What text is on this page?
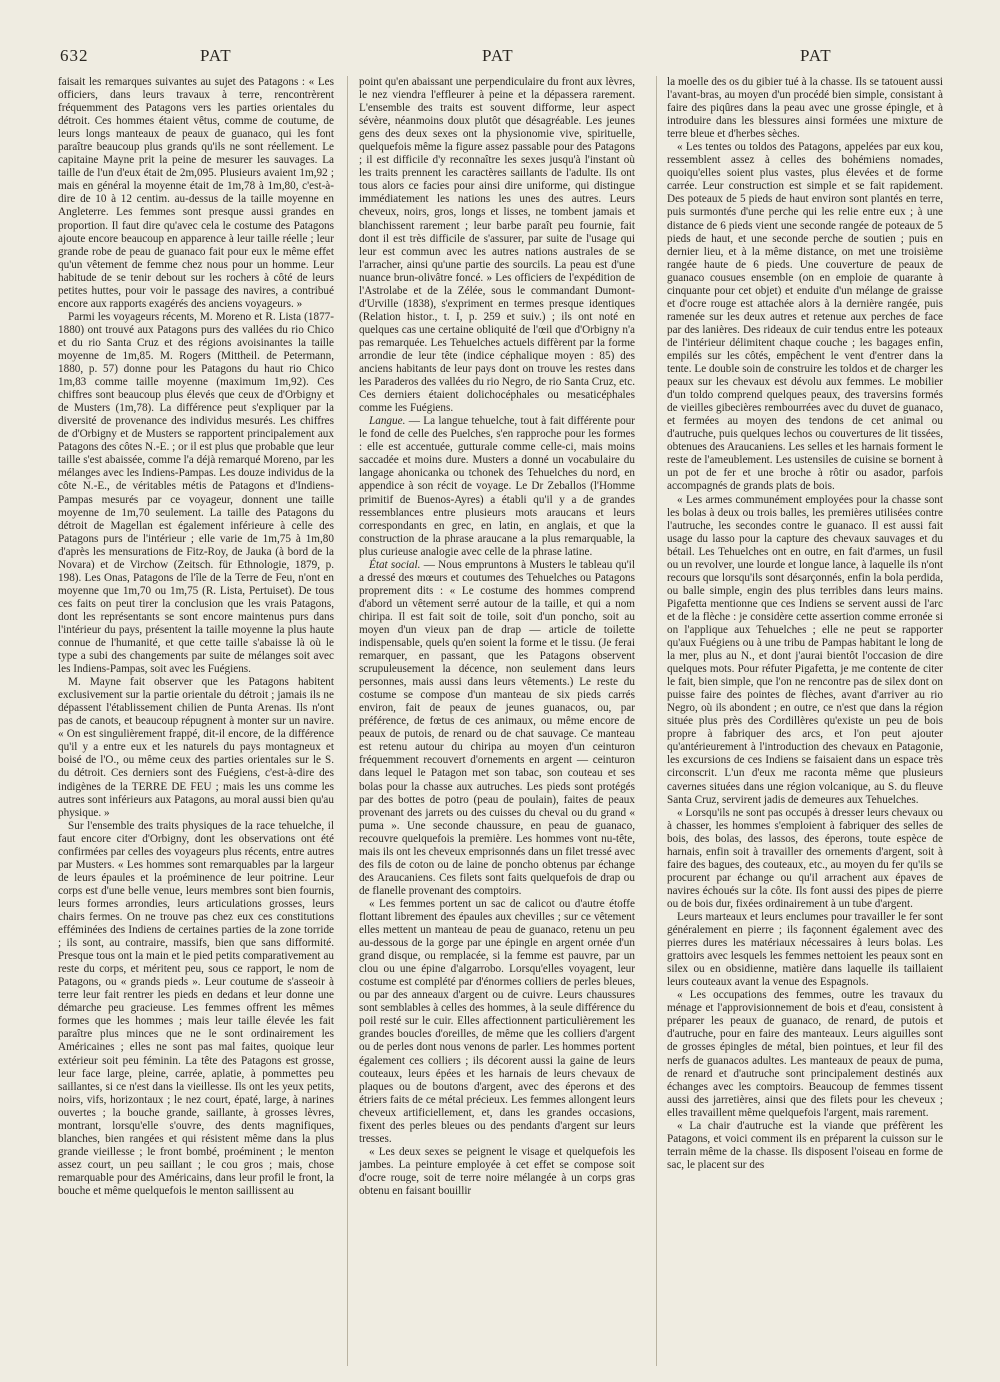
632	PAT	PAT	PAT

faisait les remarques suivantes au sujet des Patagons : « Les officiers, dans leurs travaux à terre, rencontrèrent fréquemment des Patagons vers les parties orientales du détroit. Ces hommes étaient vêtus, comme de coutume, de leurs longs manteaux de peaux de guanaco, qui les font paraître beaucoup plus grands qu'ils ne sont réellement. Le capitaine Mayne prit la peine de mesurer les sauvages. La taille de l'un d'eux était de 2m,095. Plusieurs avaient 1m,92 ; mais en général la moyenne était de 1m,78 à 1m,80, c'est-à-dire de 10 à 12 centim. au-dessus de la taille moyenne en Angleterre. Les femmes sont presque aussi grandes en proportion. Il faut dire qu'avec cela le costume des Patagons ajoute encore beaucoup en apparence à leur taille réelle ; leur grande robe de peau de guanaco fait pour eux le même effet qu'un vêtement de femme chez nous pour un homme. Leur habitude de se tenir debout sur les rochers à côté de leurs petites huttes, pour voir le passage des navires, a contribué encore aux rapports exagérés des anciens voyageurs. »

Parmi les voyageurs récents, M. Moreno et R. Lista (1877-1880) ont trouvé aux Patagons purs des vallées du rio Chico et du rio Santa Cruz et des régions avoisinantes la taille moyenne de 1m,85. M. Rogers (Mittheil. de Petermann, 1880, p. 57) donne pour les Patagons du haut rio Chico 1m,83 comme taille moyenne (maximum 1m,92). Ces chiffres sont beaucoup plus élevés que ceux de d'Orbigny et de Musters (1m,78). La différence peut s'expliquer par la diversité de provenance des individus mesurés. Les chiffres de d'Orbigny et de Musters se rapportent principalement aux Patagons des côtes N.-E. ; or il est plus que probable que leur taille s'est abaissée, comme l'a déjà remarqué Moreno, par les mélanges avec les Indiens-Pampas. Les douze individus de la côte N.-E., de véritables métis de Patagons et d'Indiens-Pampas mesurés par ce voyageur, donnent une taille moyenne de 1m,70 seulement. La taille des Patagons du détroit de Magellan est également inférieure à celle des Patagons purs de l'intérieur ; elle varie de 1m,75 à 1m,80 d'après les mensurations de Fitz-Roy, de Jauka (à bord de la Novara) et de Virchow (Zeitsch. für Ethnologie, 1879, p. 198). Les Onas, Patagons de l'île de la Terre de Feu, n'ont en moyenne que 1m,70 ou 1m,75 (R. Lista, Pertuiset). De tous ces faits on peut tirer la conclusion que les vrais Patagons, dont les représentants se sont encore maintenus purs dans l'intérieur du pays, présentent la taille moyenne la plus haute connue de l'humanité, et que cette taille s'abaisse là où le type a subi des changements par suite de mélanges soit avec les Indiens-Pampas, soit avec les Fuégiens.

M. Mayne fait observer que les Patagons habitent exclusivement sur la partie orientale du détroit ; jamais ils ne dépassent l'établissement chilien de Punta Arenas. Ils n'ont pas de canots, et beaucoup répugnent à monter sur un navire. « On est singulièrement frappé, dit-il encore, de la différence qu'il y a entre eux et les naturels du pays montagneux et boisé de l'O., ou même ceux des parties orientales sur le S. du détroit. Ces derniers sont des Fuégiens, c'est-à-dire des indigènes de la TERRE DE FEU ; mais les uns comme les autres sont inférieurs aux Patagons, au moral aussi bien qu'au physique. »

Sur l'ensemble des traits physiques de la race tehuelche, il faut encore citer d'Orbigny, dont les observations ont été confirmées par celles des voyageurs plus récents, entre autres par Musters. « Les hommes sont remarquables par la largeur de leurs épaules et la proéminence de leur poitrine. Leur corps est d'une belle venue, leurs membres sont bien fournis, leurs formes arrondies, leurs articulations grosses, leurs chairs fermes. On ne trouve pas chez eux ces constitutions efféminées des Indiens de certaines parties de la zone torride ; ils sont, au contraire, massifs, bien que sans difformité. Presque tous ont la main et le pied petits comparativement au reste du corps, et méritent peu, sous ce rapport, le nom de Patagons, ou « grands pieds ». Leur coutume de s'asseoir à terre leur fait rentrer les pieds en dedans et leur donne une démarche peu gracieuse. Les femmes offrent les mêmes formes que les hommes ; mais leur taille élevée les fait paraître plus minces que ne le sont ordinairement les Américaines ; elles ne sont pas mal faites, quoique leur extérieur soit peu féminin. La tête des Patagons est grosse, leur face large, pleine, carrée, aplatie, à pommettes peu saillantes, si ce n'est dans la vieillesse. Ils ont les yeux petits, noirs, vifs, horizontaux ; le nez court, épaté, large, à narines ouvertes ; la bouche grande, saillante, à grosses lèvres, montrant, lorsqu'elle s'ouvre, des dents magnifiques, blanches, bien rangées et qui résistent même dans la plus grande vieillesse ; le front bombé, proéminent ; le menton assez court, un peu saillant ; le cou gros ; mais, chose remarquable pour des Américains, dans leur profil le front, la bouche et même quelquefois le menton saillissent au

point qu'en abaissant une perpendiculaire du front aux lèvres, le nez viendra l'effleurer à peine et la dépassera rarement. L'ensemble des traits est souvent difforme, leur aspect sévère, néanmoins doux plutôt que désagréable. Les jeunes gens des deux sexes ont la physionomie vive, spirituelle, quelquefois même la figure assez passable pour des Patagons ; il est difficile d'y reconnaître les sexes jusqu'à l'instant où les traits prennent les caractères saillants de l'adulte. Ils ont tous alors ce facies pour ainsi dire uniforme, qui distingue immédiatement les nations les unes des autres. Leurs cheveux, noirs, gros, longs et lisses, ne tombent jamais et blanchissent rarement ; leur barbe paraît peu fournie, fait dont il est très difficile de s'assurer, par suite de l'usage qui leur est commun avec les autres nations australes de se l'arracher, ainsi qu'une partie des sourcils. La peau est d'une nuance brun-olivâtre foncé. » Les officiers de l'expédition de l'Astrolabe et de la Zélée, sous le commandant Dumont-d'Urville (1838), s'expriment en termes presque identiques (Relation histor., t. I, p. 259 et suiv.) ; ils ont noté en quelques cas une certaine obliquité de l'œil que d'Orbigny n'a pas remarquée. Les Tehuelches actuels diffèrent par la forme arrondie de leur tête (indice céphalique moyen : 85) des anciens habitants de leur pays dont on trouve les restes dans les Paraderos des vallées du rio Negro, de rio Santa Cruz, etc. Ces derniers étaient dolichocéphales ou mesaticéphales comme les Fuégiens.

Langue. — La langue tehuelche, tout à fait différente pour le fond de celle des Puelches, s'en rapproche pour les formes : elle est accentuée, gutturale comme celle-ci, mais moins saccadée et moins dure. Musters a donné un vocabulaire du langage ahonicanka ou tchonek des Tehuelches du nord, en appendice à son récit de voyage. Le Dr Zeballos (l'Homme primitif de Buenos-Ayres) a établi qu'il y a de grandes ressemblances entre plusieurs mots araucans et leurs correspondants en grec, en latin, en anglais, et que la construction de la phrase araucane a la plus remarquable, la plus curieuse analogie avec celle de la phrase latine.

État social. — Nous empruntons à Musters le tableau qu'il a dressé des mœurs et coutumes des Tehuelches ou Patagons proprement dits : « Le costume des hommes comprend d'abord un vêtement serré autour de la taille, et qui a nom chiripa. Il est fait soit de toile, soit d'un poncho, soit au moyen d'un vieux pan de drap — article de toilette indispensable, quels qu'en soient la forme et le tissu. (Je ferai remarquer, en passant, que les Patagons observent scrupuleusement la décence, non seulement dans leurs personnes, mais aussi dans leurs vêtements.) Le reste du costume se compose d'un manteau de six pieds carrés environ, fait de peaux de jeunes guanacos, ou, par préférence, de fœtus de ces animaux, ou même encore de peaux de putois, de renard ou de chat sauvage. Ce manteau est retenu autour du chiripa au moyen d'un ceinturon fréquemment recouvert d'ornements en argent — ceinturon dans lequel le Patagon met son tabac, son couteau et ses bolas pour la chasse aux autruches. Les pieds sont protégés par des bottes de potro (peau de poulain), faites de peaux provenant des jarrets ou des cuisses du cheval ou du grand « puma ». Une seconde chaussure, en peau de guanaco, recouvre quelquefois la première. Les hommes vont nu-tête, mais ils ont les cheveux emprisonnés dans un filet tressé avec des fils de coton ou de laine de poncho obtenus par échange des Araucaniens. Ces filets sont faits quelquefois de drap ou de flanelle provenant des comptoirs.

« Les femmes portent un sac de calicot ou d'autre étoffe flottant librement des épaules aux chevilles ; sur ce vêtement elles mettent un manteau de peau de guanaco, retenu un peu au-dessous de la gorge par une épingle en argent ornée d'un grand disque, ou remplacée, si la femme est pauvre, par un clou ou une épine d'algarrobo. Lorsqu'elles voyagent, leur costume est complété par d'énormes colliers de perles bleues, ou par des anneaux d'argent ou de cuivre. Leurs chaussures sont semblables à celles des hommes, à la seule différence du poil resté sur le cuir. Elles affectionnent particulièrement les grandes boucles d'oreilles, de même que les colliers d'argent ou de perles dont nous venons de parler. Les hommes portent également ces colliers ; ils décorent aussi la gaine de leurs couteaux, leurs épées et les harnais de leurs chevaux de plaques ou de boutons d'argent, avec des éperons et des étriers faits de ce métal précieux. Les femmes allongent leurs cheveux artificiellement, et, dans les grandes occasions, fixent des perles bleues ou des pendants d'argent sur leurs tresses.

« Les deux sexes se peignent le visage et quelquefois les jambes. La peinture employée à cet effet se compose soit d'ocre rouge, soit de terre noire mélangée à un corps gras obtenu en faisant bouillir

la moelle des os du gibier tué à la chasse. Ils se tatouent aussi l'avant-bras, au moyen d'un procédé bien simple, consistant à faire des piqûres dans la peau avec une grosse épingle, et à introduire dans les blessures ainsi formées une mixture de terre bleue et d'herbes sèches.

« Les tentes ou toldos des Patagons, appelées par eux kou, ressemblent assez à celles des bohémiens nomades, quoiqu'elles soient plus vastes, plus élevées et de forme carrée. Leur construction est simple et se fait rapidement. Des poteaux de 5 pieds de haut environ sont plantés en terre, puis surmontés d'une perche qui les relie entre eux ; à une distance de 6 pieds vient une seconde rangée de poteaux de 5 pieds de haut, et une seconde perche de soutien ; puis en dernier lieu, et à la même distance, on met une troisième rangée haute de 6 pieds. Une couverture de peaux de guanaco cousues ensemble (on en emploie de quarante à cinquante pour cet objet) et enduite d'un mélange de graisse et d'ocre rouge est attachée alors à la dernière rangée, puis ramenée sur les deux autres et retenue aux perches de face par des lanières. Des rideaux de cuir tendus entre les poteaux de l'intérieur délimitent chaque couche ; les bagages enfin, empilés sur les côtés, empêchent le vent d'entrer dans la tente. Le double soin de construire les toldos et de charger les peaux sur les chevaux est dévolu aux femmes. Le mobilier d'un toldo comprend quelques peaux, des traversins formés de vieilles gibecières rembourrées avec du duvet de guanaco, et fermées au moyen des tendons de cet animal ou d'autruche, puis quelques lechos ou couvertures de lit tissées, obtenues des Araucaniens. Les selles et les harnais forment le reste de l'ameublement. Les ustensiles de cuisine se bornent à un pot de fer et une broche à rôtir ou asador, parfois accompagnés de grands plats de bois.

« Les armes communément employées pour la chasse sont les bolas à deux ou trois balles, les premières utilisées contre l'autruche, les secondes contre le guanaco. Il est aussi fait usage du lasso pour la capture des chevaux sauvages et du bétail. Les Tehuelches ont en outre, en fait d'armes, un fusil ou un revolver, une lourde et longue lance, à laquelle ils n'ont recours que lorsqu'ils sont désarçonnés, enfin la bola perdida, ou balle simple, engin des plus terribles dans leurs mains. Pigafetta mentionne que ces Indiens se servent aussi de l'arc et de la flèche : je considère cette assertion comme erronée si on l'applique aux Tehuelches ; elle ne peut se rapporter qu'aux Fuégiens ou à une tribu de Pampas habitant le long de la mer, plus au N., et dont j'aurai bientôt l'occasion de dire quelques mots. Pour réfuter Pigafetta, je me contente de citer le fait, bien simple, que l'on ne rencontre pas de silex dont on puisse faire des pointes de flèches, avant d'arriver au rio Negro, où ils abondent ; en outre, ce n'est que dans la région située plus près des Cordillères qu'existe un peu de bois propre à fabriquer des arcs, et l'on peut ajouter qu'antérieurement à l'introduction des chevaux en Patagonie, les excursions de ces Indiens se faisaient dans un espace très circonscrit. L'un d'eux me raconta même que plusieurs cavernes situées dans une région volcanique, au S. du fleuve Santa Cruz, servirent jadis de demeures aux Tehuelches.

« Lorsqu'ils ne sont pas occupés à dresser leurs chevaux ou à chasser, les hommes s'emploient à fabriquer des selles de bois, des bolas, des lassos, des éperons, toute espèce de harnais, enfin soit à travailler des ornements d'argent, soit à faire des bagues, des couteaux, etc., au moyen du fer qu'ils se procurent par échange ou qu'il arrachent aux épaves de navires échoués sur la côte. Ils font aussi des pipes de pierre ou de bois dur, fixées ordinairement à un tube d'argent.

Leurs marteaux et leurs enclumes pour travailler le fer sont généralement en pierre ; ils façonnent également avec des pierres dures les matériaux nécessaires à leurs bolas. Les grattoirs avec lesquels les femmes nettoient les peaux sont en silex ou en obsidienne, matière dans laquelle ils taillaient leurs couteaux avant la venue des Espagnols.

« Les occupations des femmes, outre les travaux du ménage et l'approvisionnement de bois et d'eau, consistent à préparer les peaux de guanaco, de renard, de putois et d'autruche, pour en faire des manteaux. Leurs aiguilles sont de grosses épingles de métal, bien pointues, et leur fil des nerfs de guanacos adultes. Les manteaux de peaux de puma, de renard et d'autruche sont principalement destinés aux échanges avec les comptoirs. Beaucoup de femmes tissent aussi des jarretières, ainsi que des filets pour les cheveux ; elles travaillent même quelquefois l'argent, mais rarement.

« La chair d'autruche est la viande que préfèrent les Patagons, et voici comment ils en préparent la cuisson sur le terrain même de la chasse. Ils disposent l'oiseau en forme de sac, le placent sur des
